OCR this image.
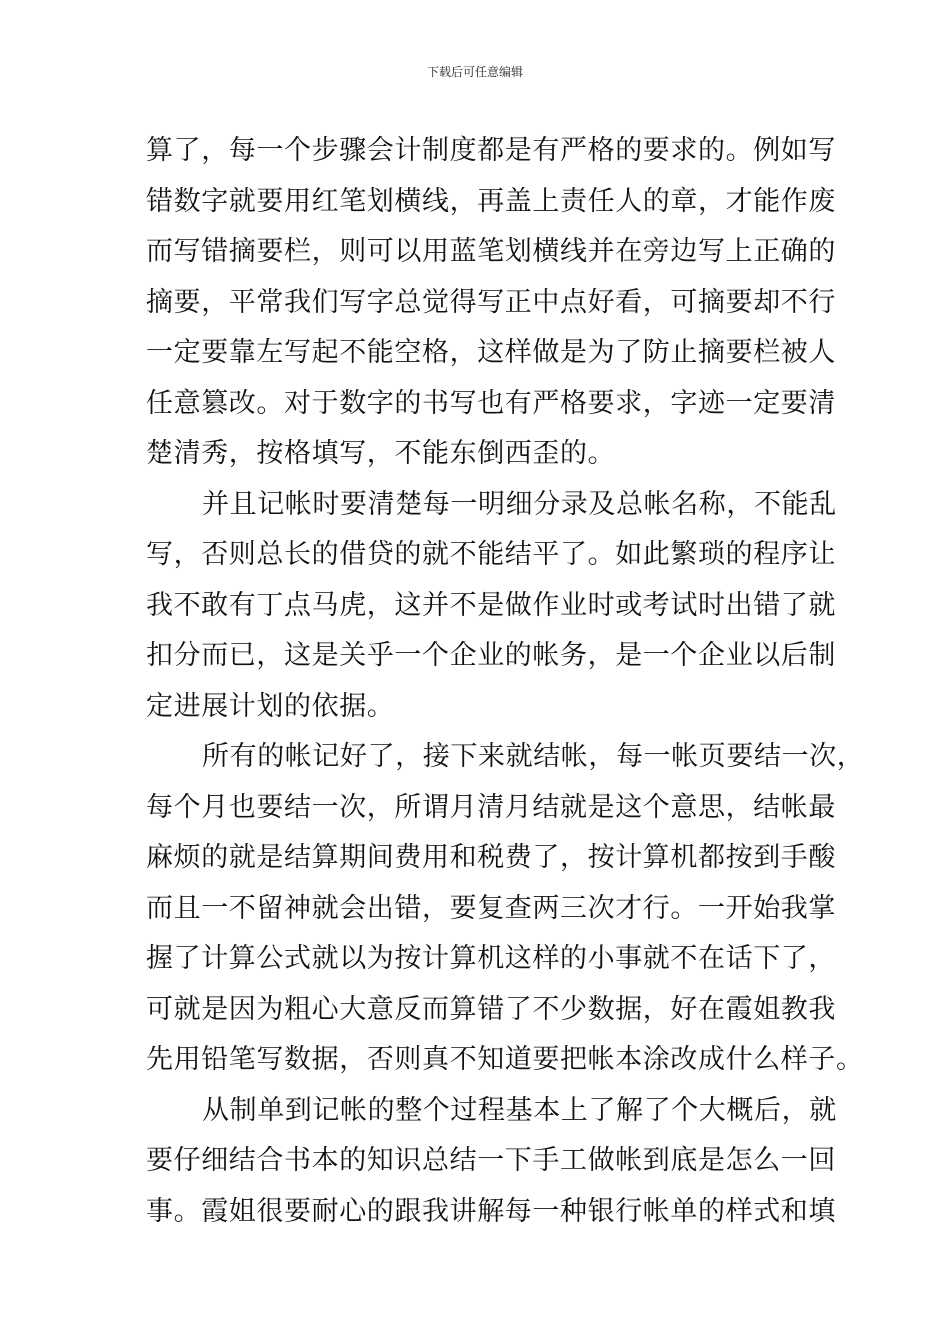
下载后可任意编辑
算了，每一个步骤会计制度都是有严格的要求的。例如写
错数字就要用红笔划横线，再盖上责任人的章，才能作废
而写错摘要栏，则可以用蓝笔划横线并在旁边写上正确的
摘要，平常我们写字总觉得写正中点好看，可摘要却不行
一定要靠左写起不能空格，这样做是为了防止摘要栏被人
任意篡改。对于数字的书写也有严格要求，字迹一定要清
楚清秀，按格填写，不能东倒西歪的。
并且记帐时要清楚每一明细分录及总帐名称，不能乱
写，否则总长的借贷的就不能结平了。如此繁琐的程序让
我不敢有丁点马虎，这并不是做作业时或考试时出错了就
扣分而已，这是关乎一个企业的帐务，是一个企业以后制
定进展计划的依据。
所有的帐记好了，接下来就结帐，每一帐页要结一次，
每个月也要结一次，所谓月清月结就是这个意思，结帐最
麻烦的就是结算期间费用和税费了，按计算机都按到手酸
而且一不留神就会出错，要复查两三次才行。一开始我掌
握了计算公式就以为按计算机这样的小事就不在话下了，
可就是因为粗心大意反而算错了不少数据，好在霞姐教我
先用铅笔写数据，否则真不知道要把帐本涂改成什么样子。
从制单到记帐的整个过程基本上了解了个大概后，就
要仔细结合书本的知识总结一下手工做帐到底是怎么一回
事。霞姐很要耐心的跟我讲解每一种银行帐单的样式和填
